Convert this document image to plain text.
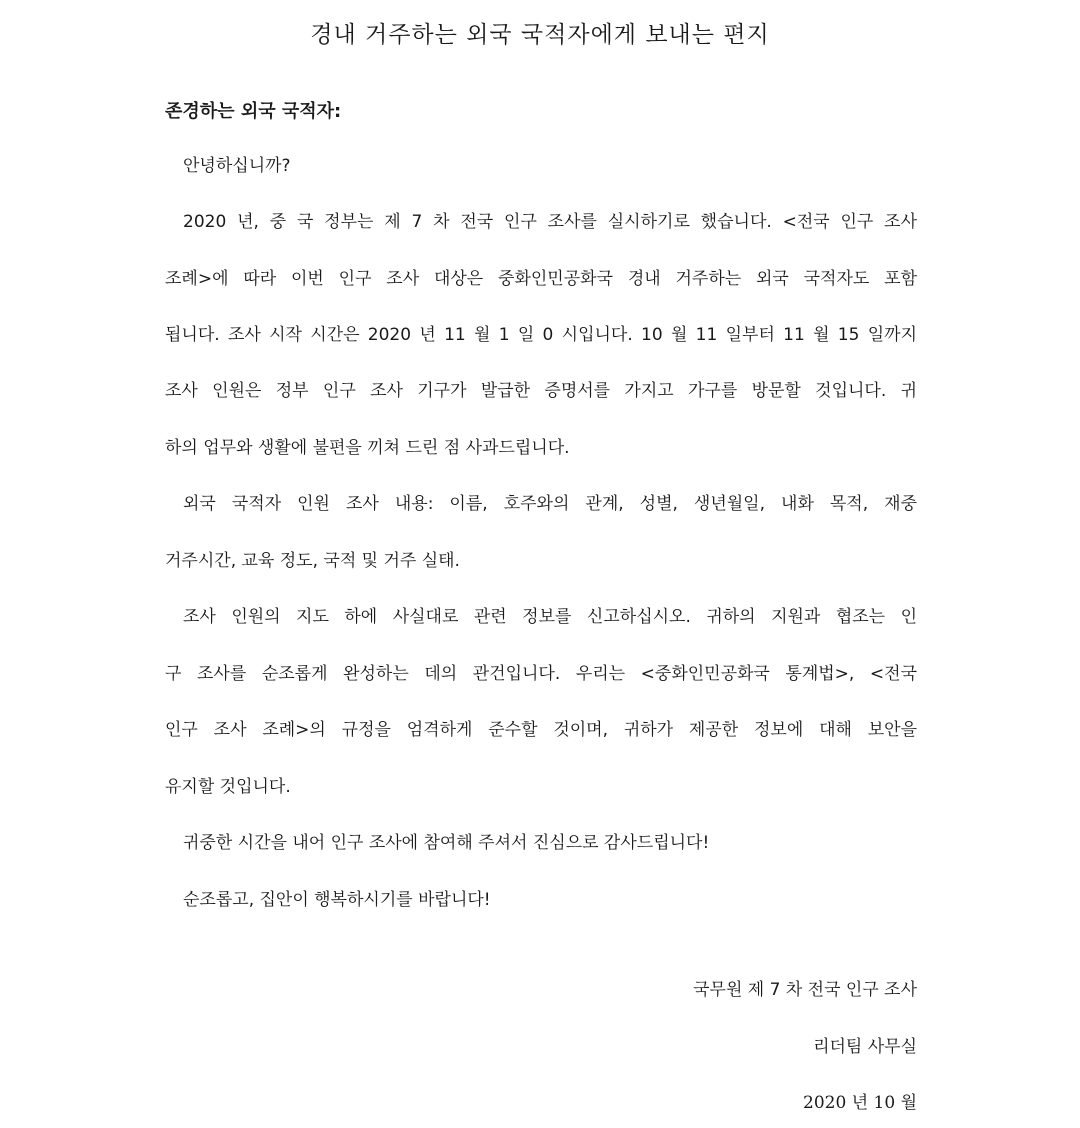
경내 거주하는 외국 국적자에게 보내는 편지
존경하는 외국 국적자:
안녕하십니까?
2020 년, 중 국 정부는 제 7 차 전국 인구 조사를 실시하기로 했습니다. <전국 인구 조사
조례>에 따라 이번 인구 조사 대상은 중화인민공화국 경내 거주하는 외국 국적자도 포함
됩니다. 조사 시작 시간은 2020 년 11 월 1 일 0 시입니다. 10 월 11 일부터 11 월 15 일까지
조사 인원은 정부 인구 조사 기구가 발급한 증명서를 가지고 가구를 방문할 것입니다. 귀
하의 업무와 생활에 불편을 끼쳐 드린 점 사과드립니다.
외국 국적자 인원 조사 내용: 이름, 호주와의 관계, 성별, 생년월일, 내화 목적, 재중
거주시간, 교육 정도, 국적 및 거주 실태.
조사 인원의 지도 하에 사실대로 관련 정보를 신고하십시오. 귀하의 지원과 협조는 인
구 조사를 순조롭게 완성하는 데의 관건입니다. 우리는 <중화인민공화국 통계법>, <전국
인구 조사 조례>의 규정을 엄격하게 준수할 것이며, 귀하가 제공한 정보에 대해 보안을
유지할 것입니다.
귀중한 시간을 내어 인구 조사에 참여해 주셔서 진심으로 감사드립니다!
순조롭고, 집안이 행복하시기를 바랍니다!
국무원 제 7 차 전국 인구 조사
리더팀 사무실
2020 년 10 월
